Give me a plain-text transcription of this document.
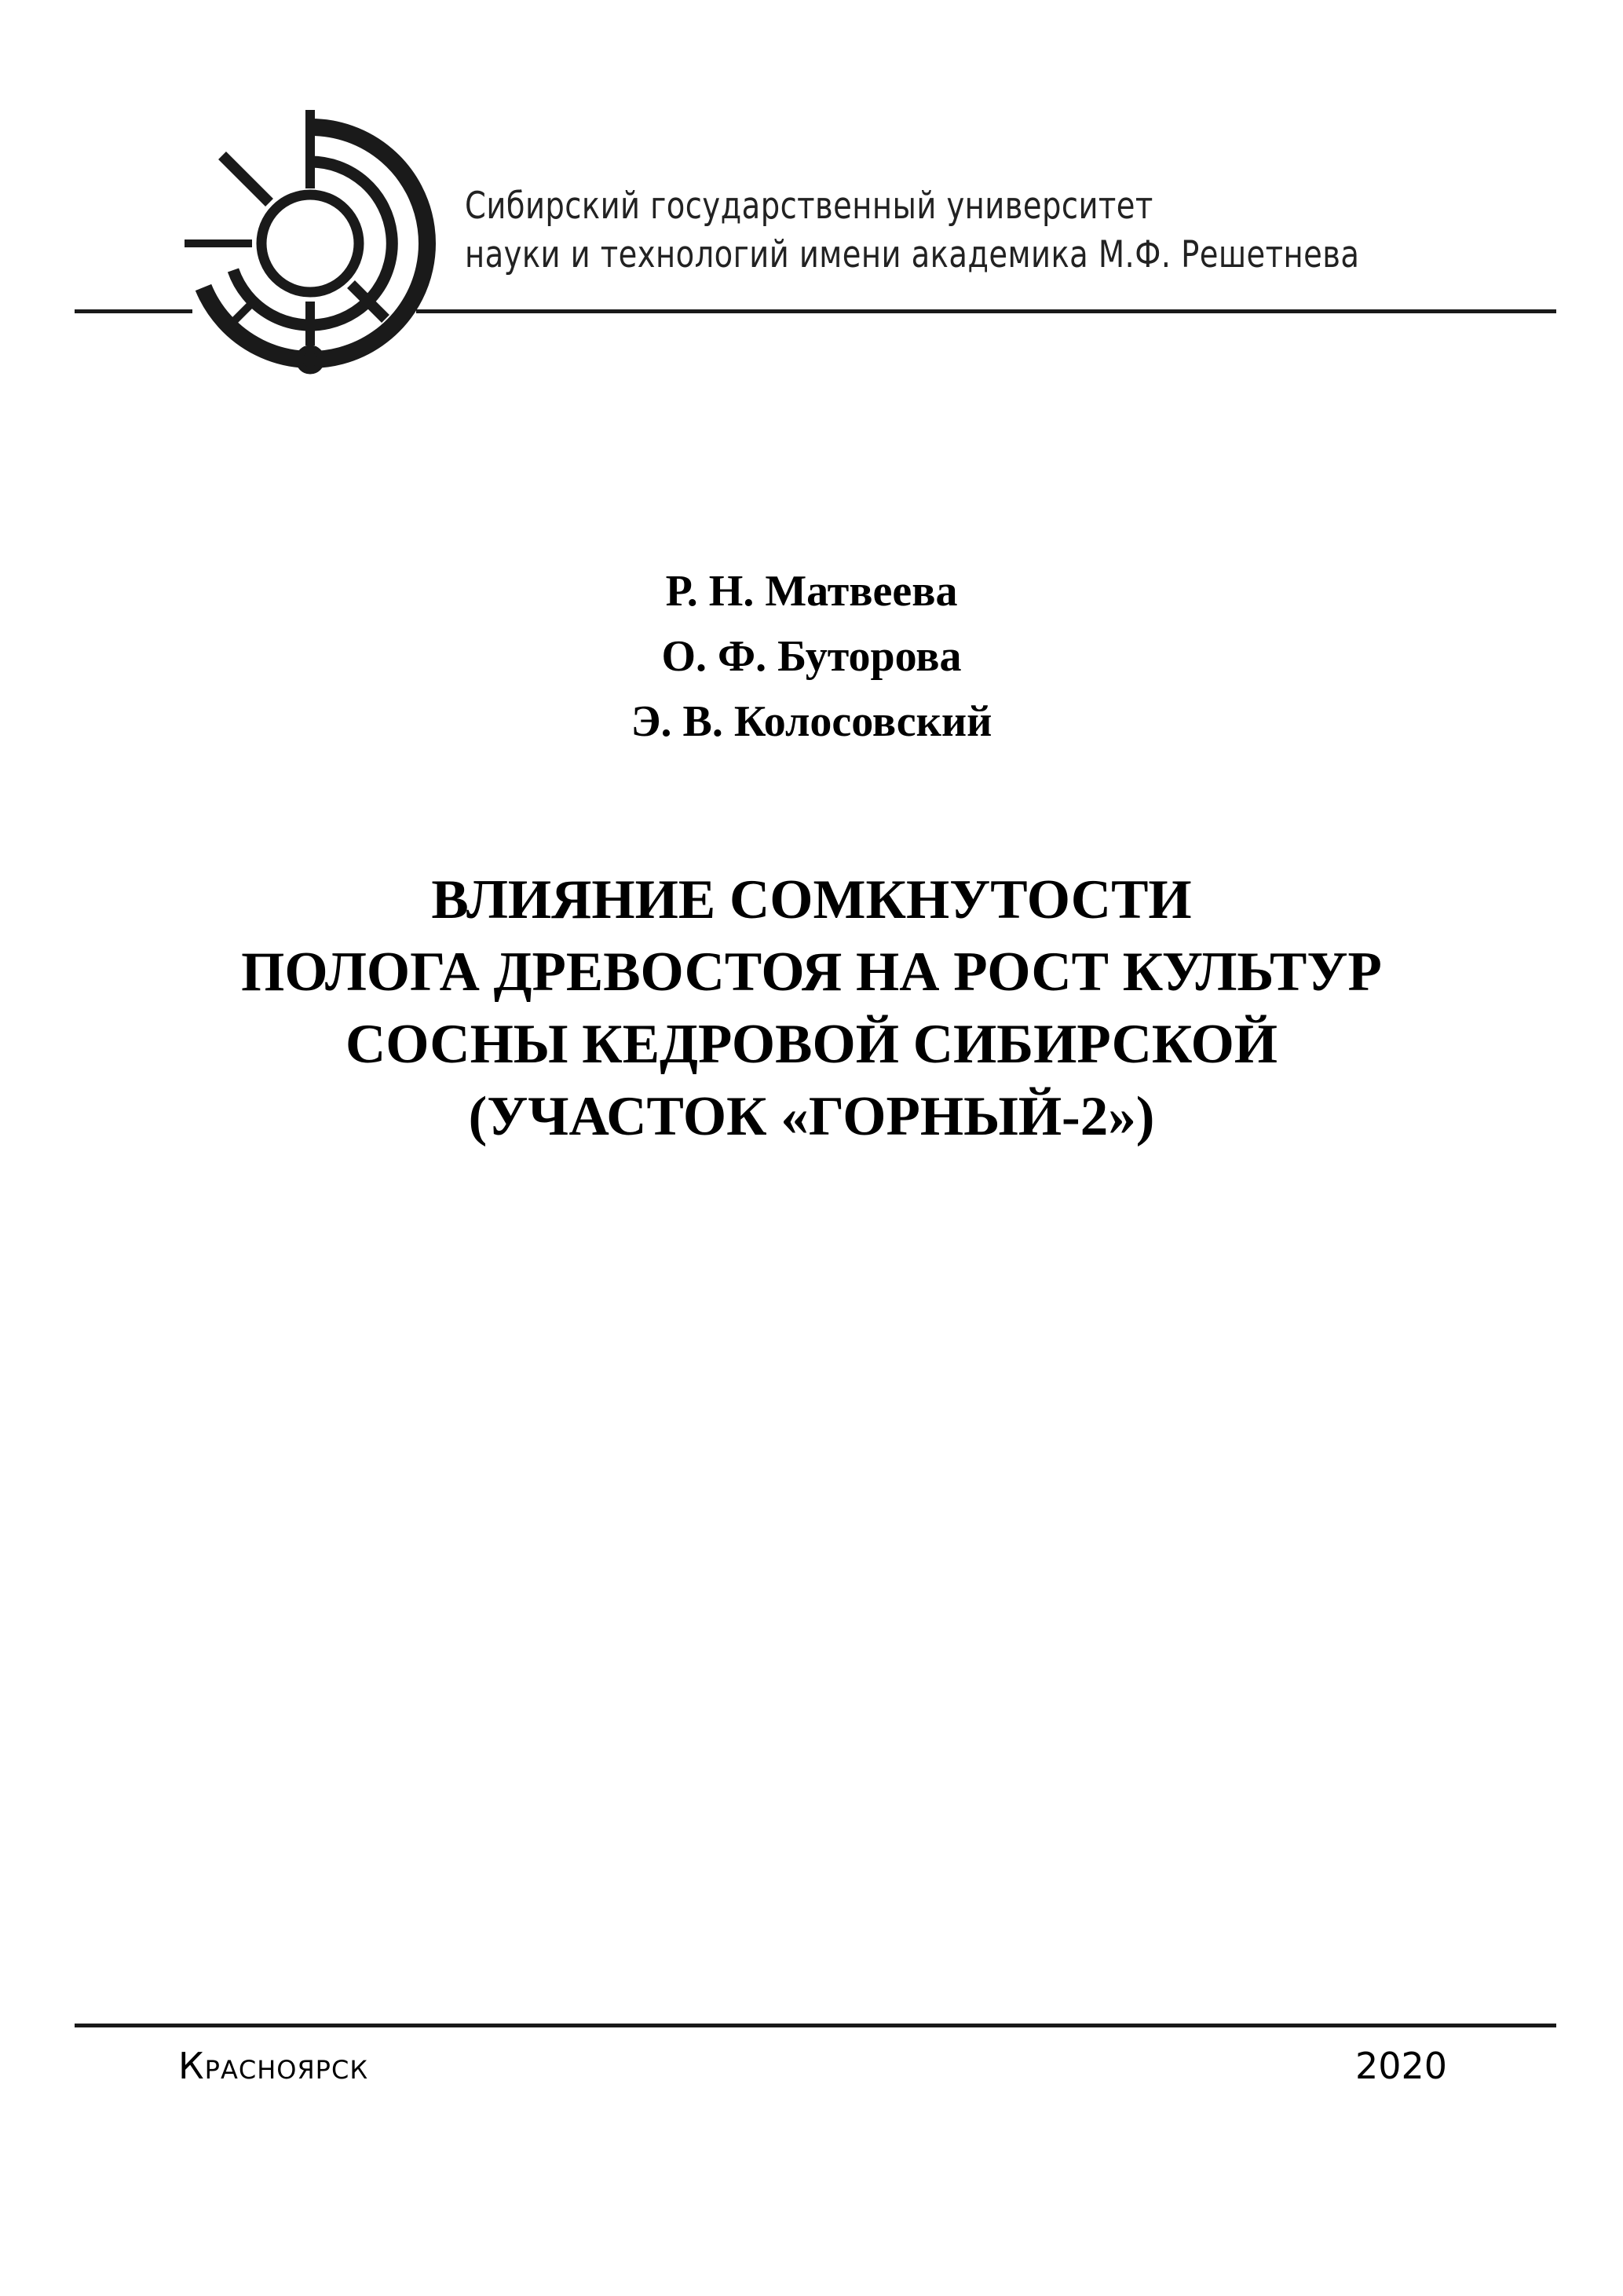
Сибирский государственный университет
науки и технологий имени академика М.Ф. Решетнева
Р. Н. Матвеева
О. Ф. Буторова
Э. В. Колосовский
ВЛИЯНИЕ СОМКНУТОСТИ
ПОЛОГА ДРЕВОСТОЯ НА РОСТ КУЛЬТУР
СОСНЫ КЕДРОВОЙ СИБИРСКОЙ
(УЧАСТОК «ГОРНЫЙ-2»)
Красноярск	2020
